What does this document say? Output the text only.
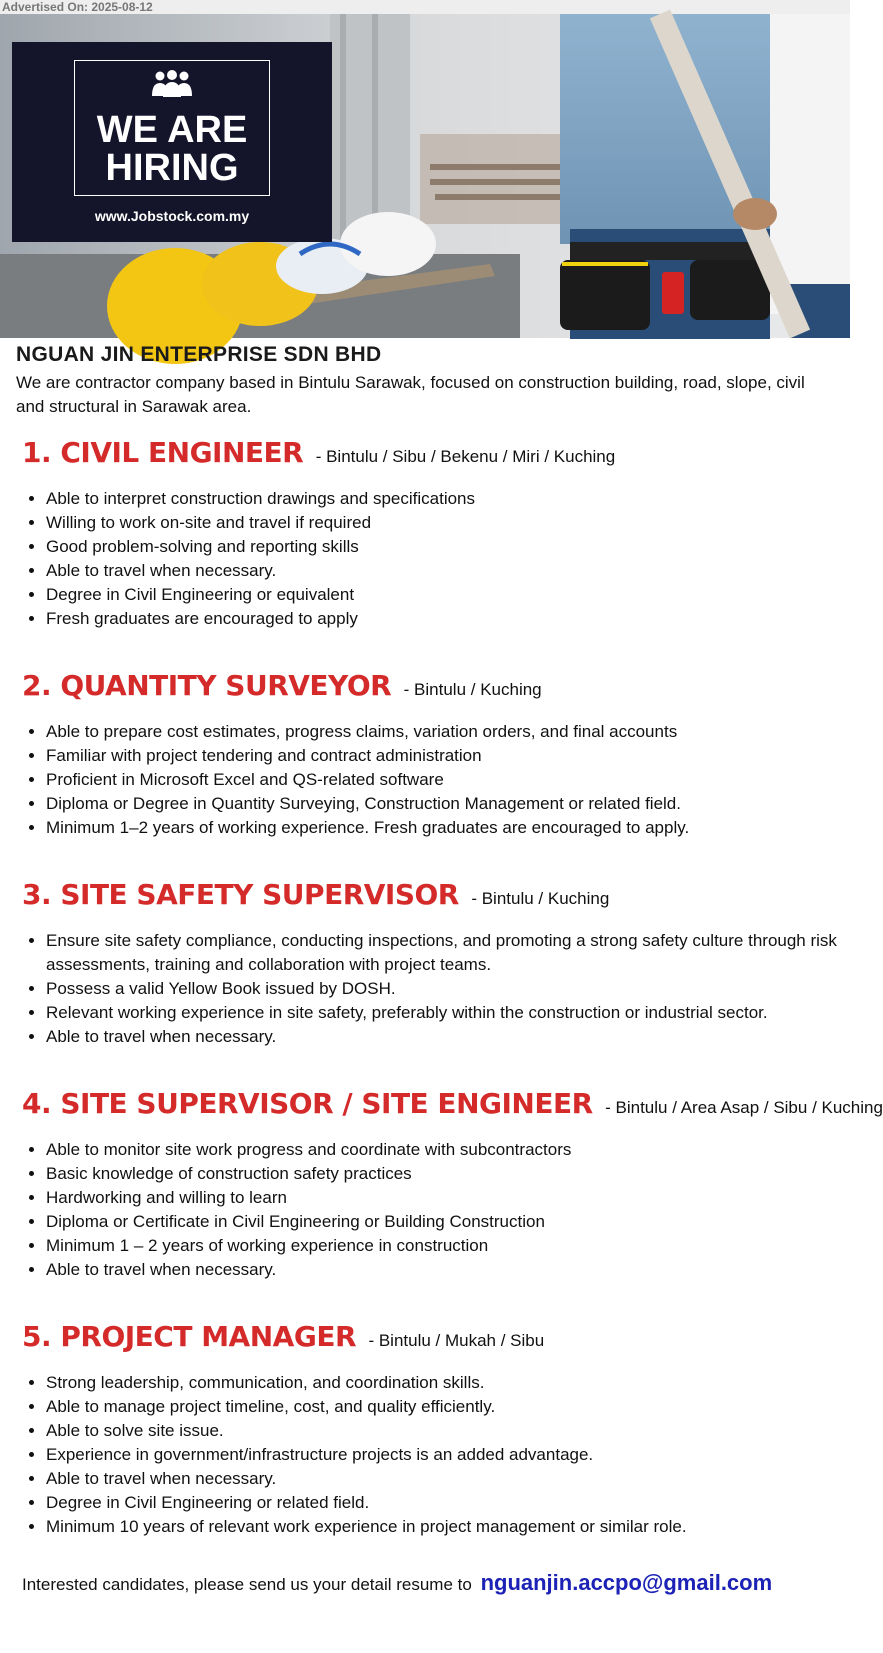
Advertised On: 2025-08-12
WE ARE
HIRING
www.Jobstock.com.my
NGUAN JIN ENTERPRISE SDN BHD
We are contractor company based in Bintulu Sarawak, focused on construction building, road, slope, civil and structural in Sarawak area.
1. CIVIL ENGINEER - Bintulu / Sibu / Bekenu / Miri / Kuching
• Able to interpret construction drawings and specifications
• Willing to work on-site and travel if required
• Good problem-solving and reporting skills
• Able to travel when necessary.
• Degree in Civil Engineering or equivalent
• Fresh graduates are encouraged to apply
2. QUANTITY SURVEYOR - Bintulu / Kuching
• Able to prepare cost estimates, progress claims, variation orders, and final accounts
• Familiar with project tendering and contract administration
• Proficient in Microsoft Excel and QS-related software
• Diploma or Degree in Quantity Surveying, Construction Management or related field.
• Minimum 1–2 years of working experience. Fresh graduates are encouraged to apply.
3. SITE SAFETY SUPERVISOR - Bintulu / Kuching
• Ensure site safety compliance, conducting inspections, and promoting a strong safety culture through risk assessments, training and collaboration with project teams.
• Possess a valid Yellow Book issued by DOSH.
• Relevant working experience in site safety, preferably within the construction or industrial sector.
• Able to travel when necessary.
4. SITE SUPERVISOR / SITE ENGINEER - Bintulu / Area Asap / Sibu / Kuching
• Able to monitor site work progress and coordinate with subcontractors
• Basic knowledge of construction safety practices
• Hardworking and willing to learn
• Diploma or Certificate in Civil Engineering or Building Construction
• Minimum 1 – 2 years of working experience in construction
• Able to travel when necessary.
5. PROJECT MANAGER - Bintulu / Mukah / Sibu
• Strong leadership, communication, and coordination skills.
• Able to manage project timeline, cost, and quality efficiently.
• Able to solve site issue.
• Experience in government/infrastructure projects is an added advantage.
• Able to travel when necessary.
• Degree in Civil Engineering or related field.
• Minimum 10 years of relevant work experience in project management or similar role.
Interested candidates, please send us your detail resume to nguanjin.accpo@gmail.com
